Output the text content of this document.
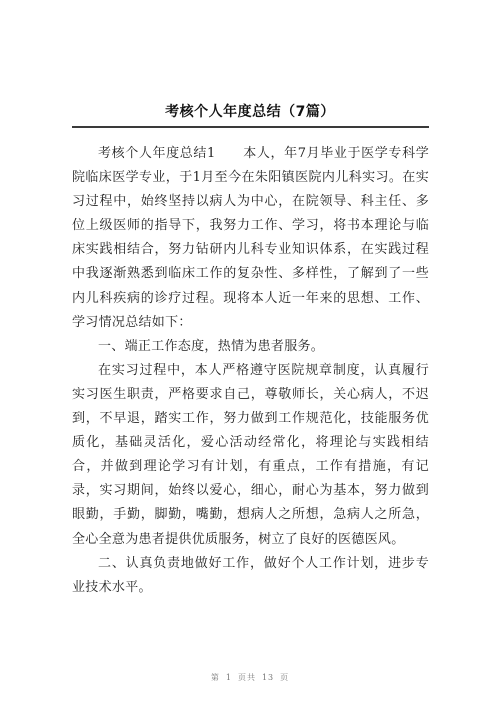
考核个人年度总结（7篇）

考核个人年度总结1　　本人，年7月毕业于医学专科学院临床医学专业，于1月至今在朱阳镇医院内儿科实习。在实习过程中，始终坚持以病人为中心，在院领导、科主任、多位上级医师的指导下，我努力工作、学习，将书本理论与临床实践相结合，努力钻研内儿科专业知识体系，在实践过程中我逐渐熟悉到临床工作的复杂性、多样性，了解到了一些内儿科疾病的诊疗过程。现将本人近一年来的思想、工作、学习情况总结如下：

一、端正工作态度，热情为患者服务。

在实习过程中，本人严格遵守医院规章制度，认真履行实习医生职责，严格要求自己，尊敬师长，关心病人，不迟到，不早退，踏实工作，努力做到工作规范化，技能服务优质化，基础灵活化，爱心活动经常化，将理论与实践相结合，并做到理论学习有计划，有重点，工作有措施，有记录，实习期间，始终以爱心，细心，耐心为基本，努力做到眼勤，手勤，脚勤，嘴勤，想病人之所想，急病人之所急，全心全意为患者提供优质服务，树立了良好的医德医风。

二、认真负责地做好工作，做好个人工作计划，进步专业技术水平。

第 1 页共 13 页
